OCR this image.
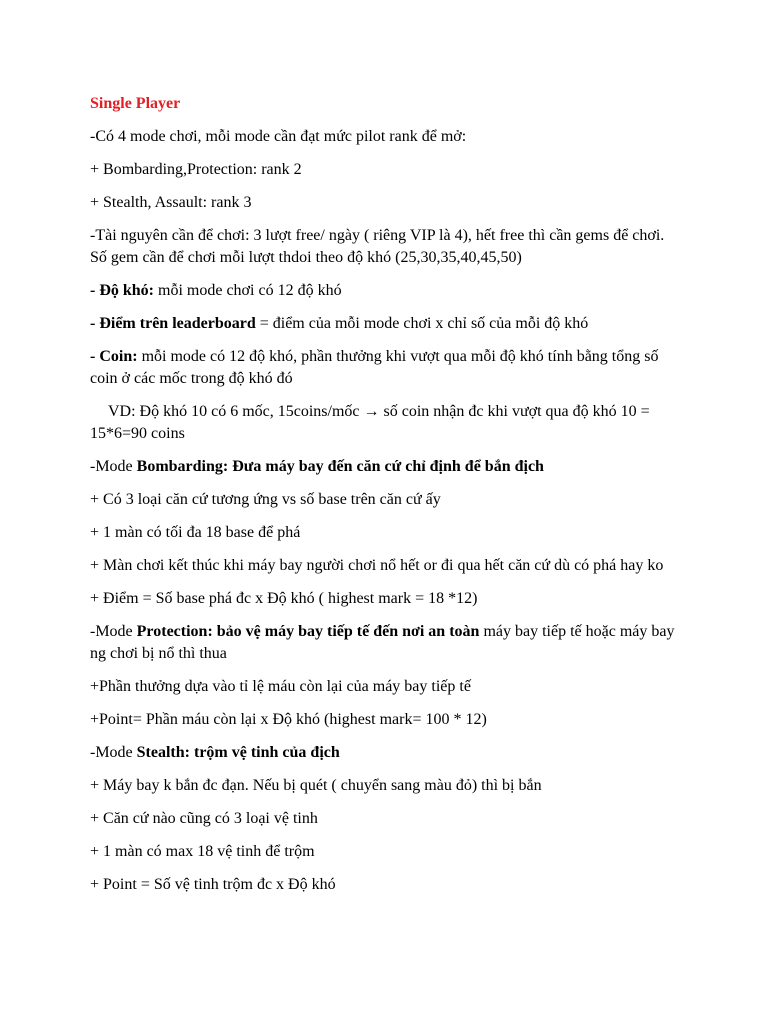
Single Player

-Có 4 mode chơi, mỗi mode cần đạt mức pilot rank để mở:

+ Bombarding,Protection: rank 2

+ Stealth, Assault: rank 3

-Tài nguyên cần để chơi: 3 lượt free/ ngày ( riêng VIP là 4), hết free thì cần gems để chơi. Số gem cần để chơi mỗi lượt thdoi theo độ khó (25,30,35,40,45,50)

- Độ khó: mỗi mode chơi có 12 độ khó

- Điểm trên leaderboard = điểm của mỗi mode chơi x chỉ số của mỗi độ khó

- Coin: mỗi mode có 12 độ khó, phần thưởng khi vượt qua mỗi độ khó tính bằng tổng số coin ở các mốc trong độ khó đó

VD: Độ khó 10 có 6 mốc, 15coins/mốc → số coin nhận đc khi vượt qua độ khó 10 = 15*6=90 coins

-Mode Bombarding: Đưa máy bay đến căn cứ chỉ định để bắn địch

+ Có 3 loại căn cứ tương ứng vs số base trên căn cứ ấy

+ 1 màn có tối đa 18 base để phá

+ Màn chơi kết thúc khi máy bay người chơi nổ hết or đi qua hết căn cứ dù có phá hay ko

+ Điểm = Số base phá đc x Độ khó ( highest mark = 18 *12)

-Mode Protection: bảo vệ máy bay tiếp tế đến nơi an toàn máy bay tiếp tế hoặc máy bay ng chơi bị nổ thì thua

+Phần thưởng dựa vào tỉ lệ máu còn lại của máy bay tiếp tế

+Point= Phần máu còn lại x Độ khó (highest mark= 100 * 12)

-Mode Stealth: trộm vệ tinh của địch

+ Máy bay k bắn đc đạn. Nếu bị quét ( chuyển sang màu đỏ) thì bị bắn

+ Căn cứ nào cũng có 3 loại vệ tinh

+ 1 màn có max 18 vệ tinh để trộm

+ Point = Số vệ tinh trộm đc x Độ khó
